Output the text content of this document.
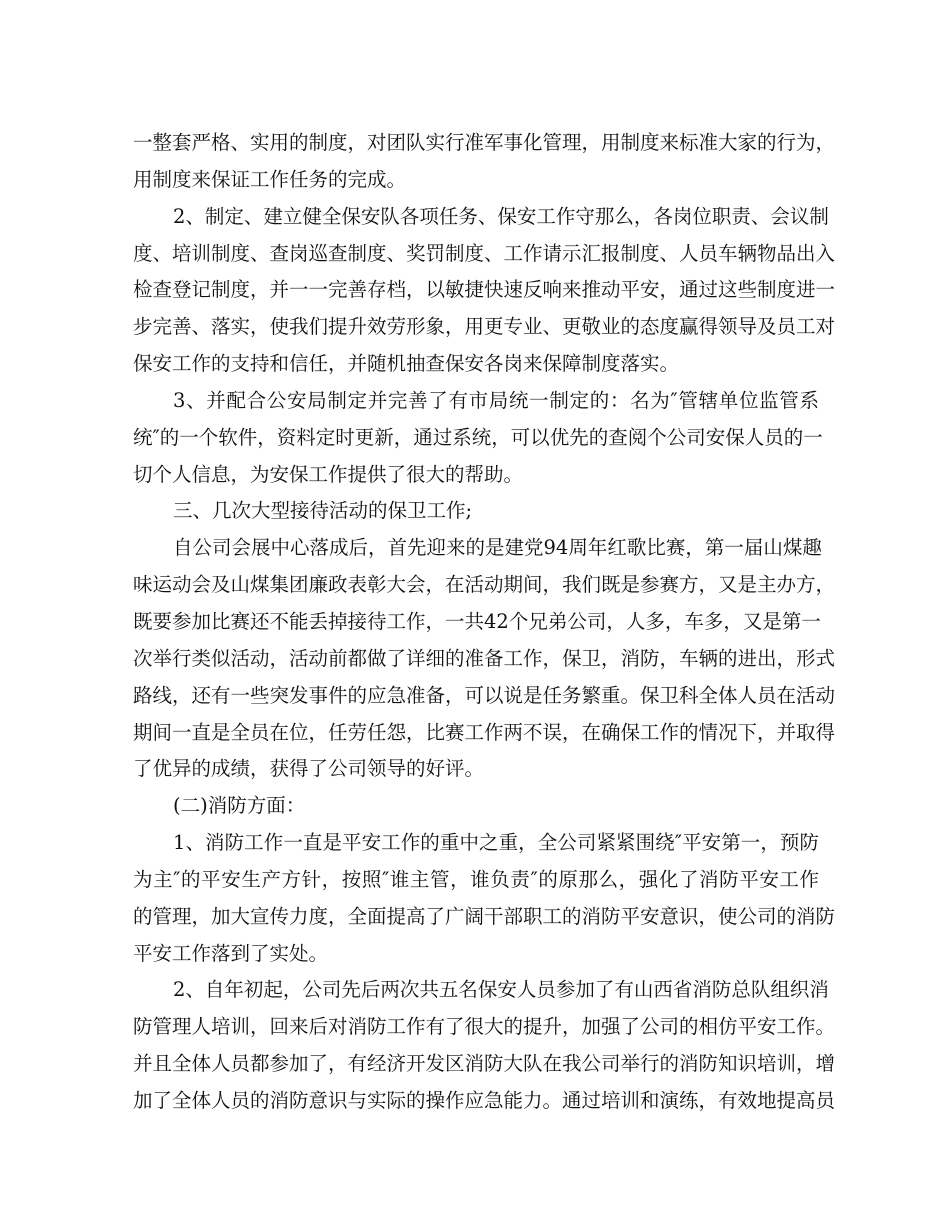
一整套严格、实用的制度，对团队实行准军事化管理，用制度来标准大家的行为，
用制度来保证工作任务的完成。
2、制定、建立健全保安队各项任务、保安工作守那么，各岗位职责、会议制
度、培训制度、查岗巡查制度、奖罚制度、工作请示汇报制度、人员车辆物品出入
检查登记制度，并一一完善存档，以敏捷快速反响来推动平安，通过这些制度进一
步完善、落实，使我们提升效劳形象，用更专业、更敬业的态度赢得领导及员工对
保安工作的支持和信任，并随机抽查保安各岗来保障制度落实。
3、并配合公安局制定并完善了有市局统一制定的：名为″管辖单位监管系
统″的一个软件，资料定时更新，通过系统，可以优先的查阅个公司安保人员的一
切个人信息，为安保工作提供了很大的帮助。
三、几次大型接待活动的保卫工作;
自公司会展中心落成后，首先迎来的是建党94周年红歌比赛，第一届山煤趣
味运动会及山煤集团廉政表彰大会，在活动期间，我们既是参赛方，又是主办方，
既要参加比赛还不能丢掉接待工作，一共42个兄弟公司，人多，车多，又是第一
次举行类似活动，活动前都做了详细的准备工作，保卫，消防，车辆的进出，形式
路线，还有一些突发事件的应急准备，可以说是任务繁重。保卫科全体人员在活动
期间一直是全员在位，任劳任怨，比赛工作两不误，在确保工作的情况下，并取得
了优异的成绩，获得了公司领导的好评。
(二)消防方面：
1、消防工作一直是平安工作的重中之重，全公司紧紧围绕″平安第一，预防
为主″的平安生产方针，按照″谁主管，谁负责″的原那么，强化了消防平安工作
的管理，加大宣传力度，全面提高了广阔干部职工的消防平安意识，使公司的消防
平安工作落到了实处。
2、自年初起，公司先后两次共五名保安人员参加了有山西省消防总队组织消
防管理人培训，回来后对消防工作有了很大的提升，加强了公司的相仿平安工作。
并且全体人员都参加了，有经济开发区消防大队在我公司举行的消防知识培训，增
加了全体人员的消防意识与实际的操作应急能力。通过培训和演练，有效地提高员
